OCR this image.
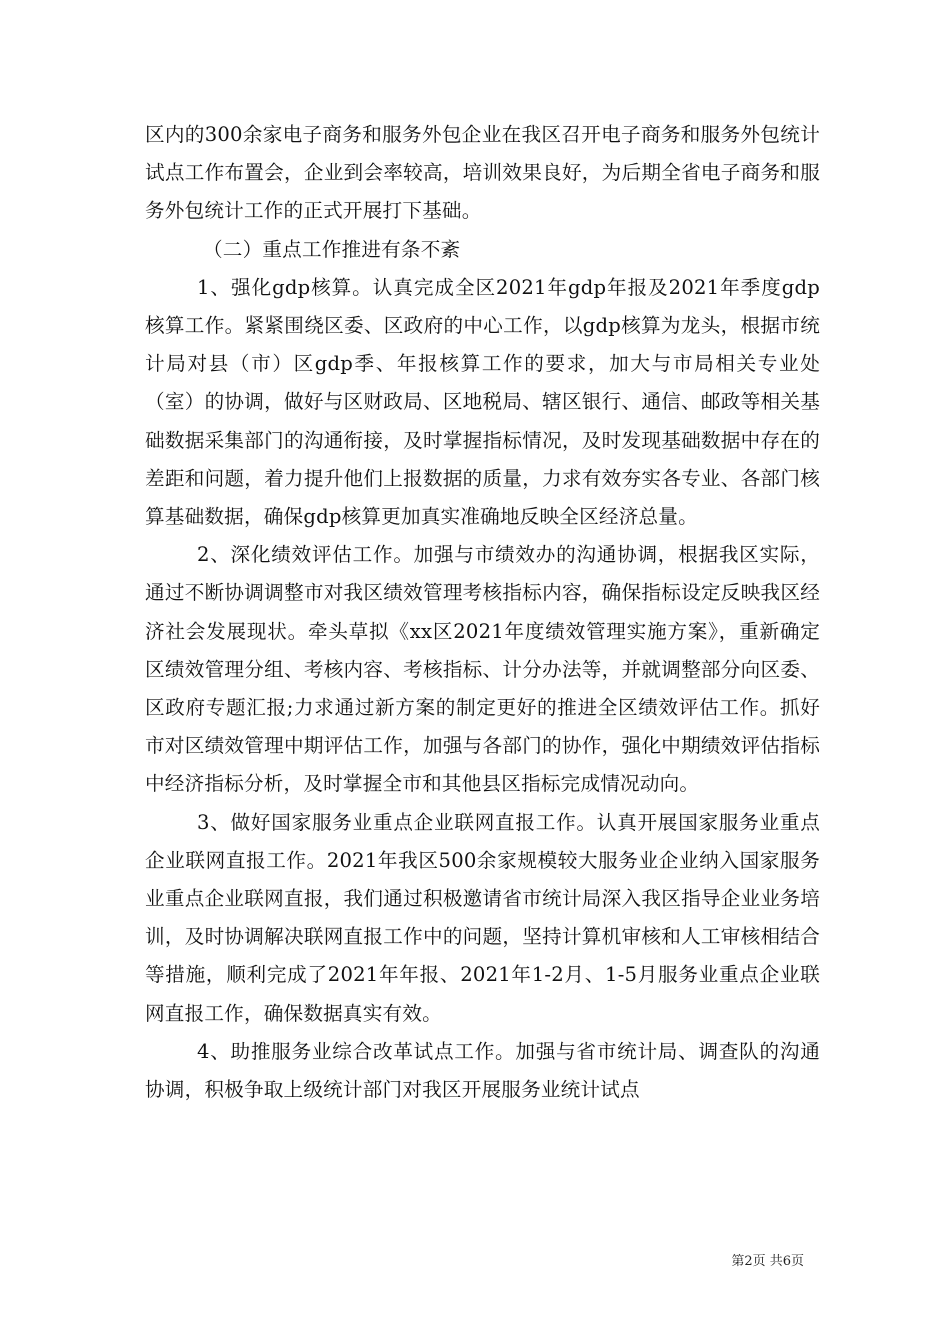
区内的300余家电子商务和服务外包企业在我区召开电子商务和服务外包统计试点工作布置会，企业到会率较高，培训效果良好，为后期全省电子商务和服务外包统计工作的正式开展打下基础。

（二）重点工作推进有条不紊

1、强化gdp核算。认真完成全区2021年gdp年报及2021年季度gdp核算工作。紧紧围绕区委、区政府的中心工作，以gdp核算为龙头，根据市统计局对县（市）区gdp季、年报核算工作的要求，加大与市局相关专业处（室）的协调，做好与区财政局、区地税局、辖区银行、通信、邮政等相关基础数据采集部门的沟通衔接，及时掌握指标情况，及时发现基础数据中存在的差距和问题，着力提升他们上报数据的质量，力求有效夯实各专业、各部门核算基础数据，确保gdp核算更加真实准确地反映全区经济总量。

2、深化绩效评估工作。加强与市绩效办的沟通协调，根据我区实际，通过不断协调调整市对我区绩效管理考核指标内容，确保指标设定反映我区经济社会发展现状。牵头草拟《xx区2021年度绩效管理实施方案》，重新确定区绩效管理分组、考核内容、考核指标、计分办法等，并就调整部分向区委、区政府专题汇报;力求通过新方案的制定更好的推进全区绩效评估工作。抓好市对区绩效管理中期评估工作，加强与各部门的协作，强化中期绩效评估指标中经济指标分析，及时掌握全市和其他县区指标完成情况动向。

3、做好国家服务业重点企业联网直报工作。认真开展国家服务业重点企业联网直报工作。2021年我区500余家规模较大服务业企业纳入国家服务业重点企业联网直报，我们通过积极邀请省市统计局深入我区指导企业业务培训，及时协调解决联网直报工作中的问题，坚持计算机审核和人工审核相结合等措施，顺利完成了2021年年报、2021年1-2月、1-5月服务业重点企业联网直报工作，确保数据真实有效。

4、助推服务业综合改革试点工作。加强与省市统计局、调查队的沟通协调，积极争取上级统计部门对我区开展服务业统计试点

第2页 共6页
